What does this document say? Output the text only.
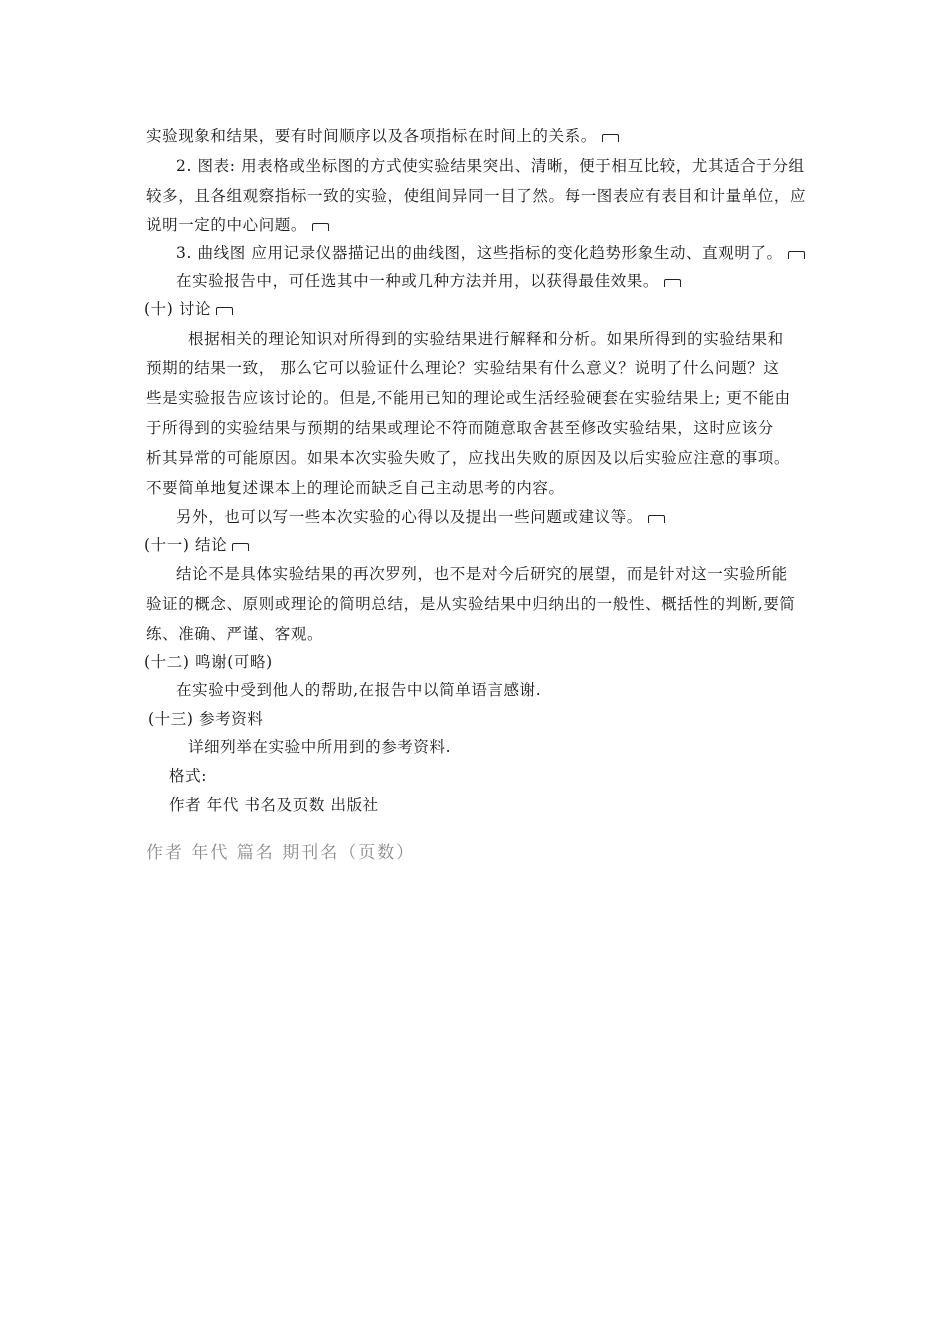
实验现象和结果，要有时间顺序以及各项指标在时间上的关系。
2. 图表: 用表格或坐标图的方式使实验结果突出、清晰，便于相互比较，尤其适合于分组
较多，且各组观察指标一致的实验，使组间异同一目了然。每一图表应有表目和计量单位，应
说明一定的中心问题。
3. 曲线图 应用记录仪器描记出的曲线图，这些指标的变化趋势形象生动、直观明了。
在实验报告中，可任选其中一种或几种方法并用，以获得最佳效果。
(十) 讨论
根据相关的理论知识对所得到的实验结果进行解释和分析。如果所得到的实验结果和
预期的结果一致， 那么它可以验证什么理论？实验结果有什么意义？说明了什么问题？这
些是实验报告应该讨论的。但是,不能用已知的理论或生活经验硬套在实验结果上; 更不能由
于所得到的实验结果与预期的结果或理论不符而随意取舍甚至修改实验结果，这时应该分
析其异常的可能原因。如果本次实验失败了，应找出失败的原因及以后实验应注意的事项。
不要简单地复述课本上的理论而缺乏自己主动思考的内容。
另外，也可以写一些本次实验的心得以及提出一些问题或建议等。
(十一) 结论
结论不是具体实验结果的再次罗列，也不是对今后研究的展望，而是针对这一实验所能
验证的概念、原则或理论的简明总结，是从实验结果中归纳出的一般性、概括性的判断,要简
练、准确、严谨、客观。
(十二) 鸣谢(可略)
在实验中受到他人的帮助,在报告中以简单语言感谢.
(十三) 参考资料
详细列举在实验中所用到的参考资料.
格式:
作者 年代 书名及页数 出版社
作者 年代 篇名 期刊名（页数）
